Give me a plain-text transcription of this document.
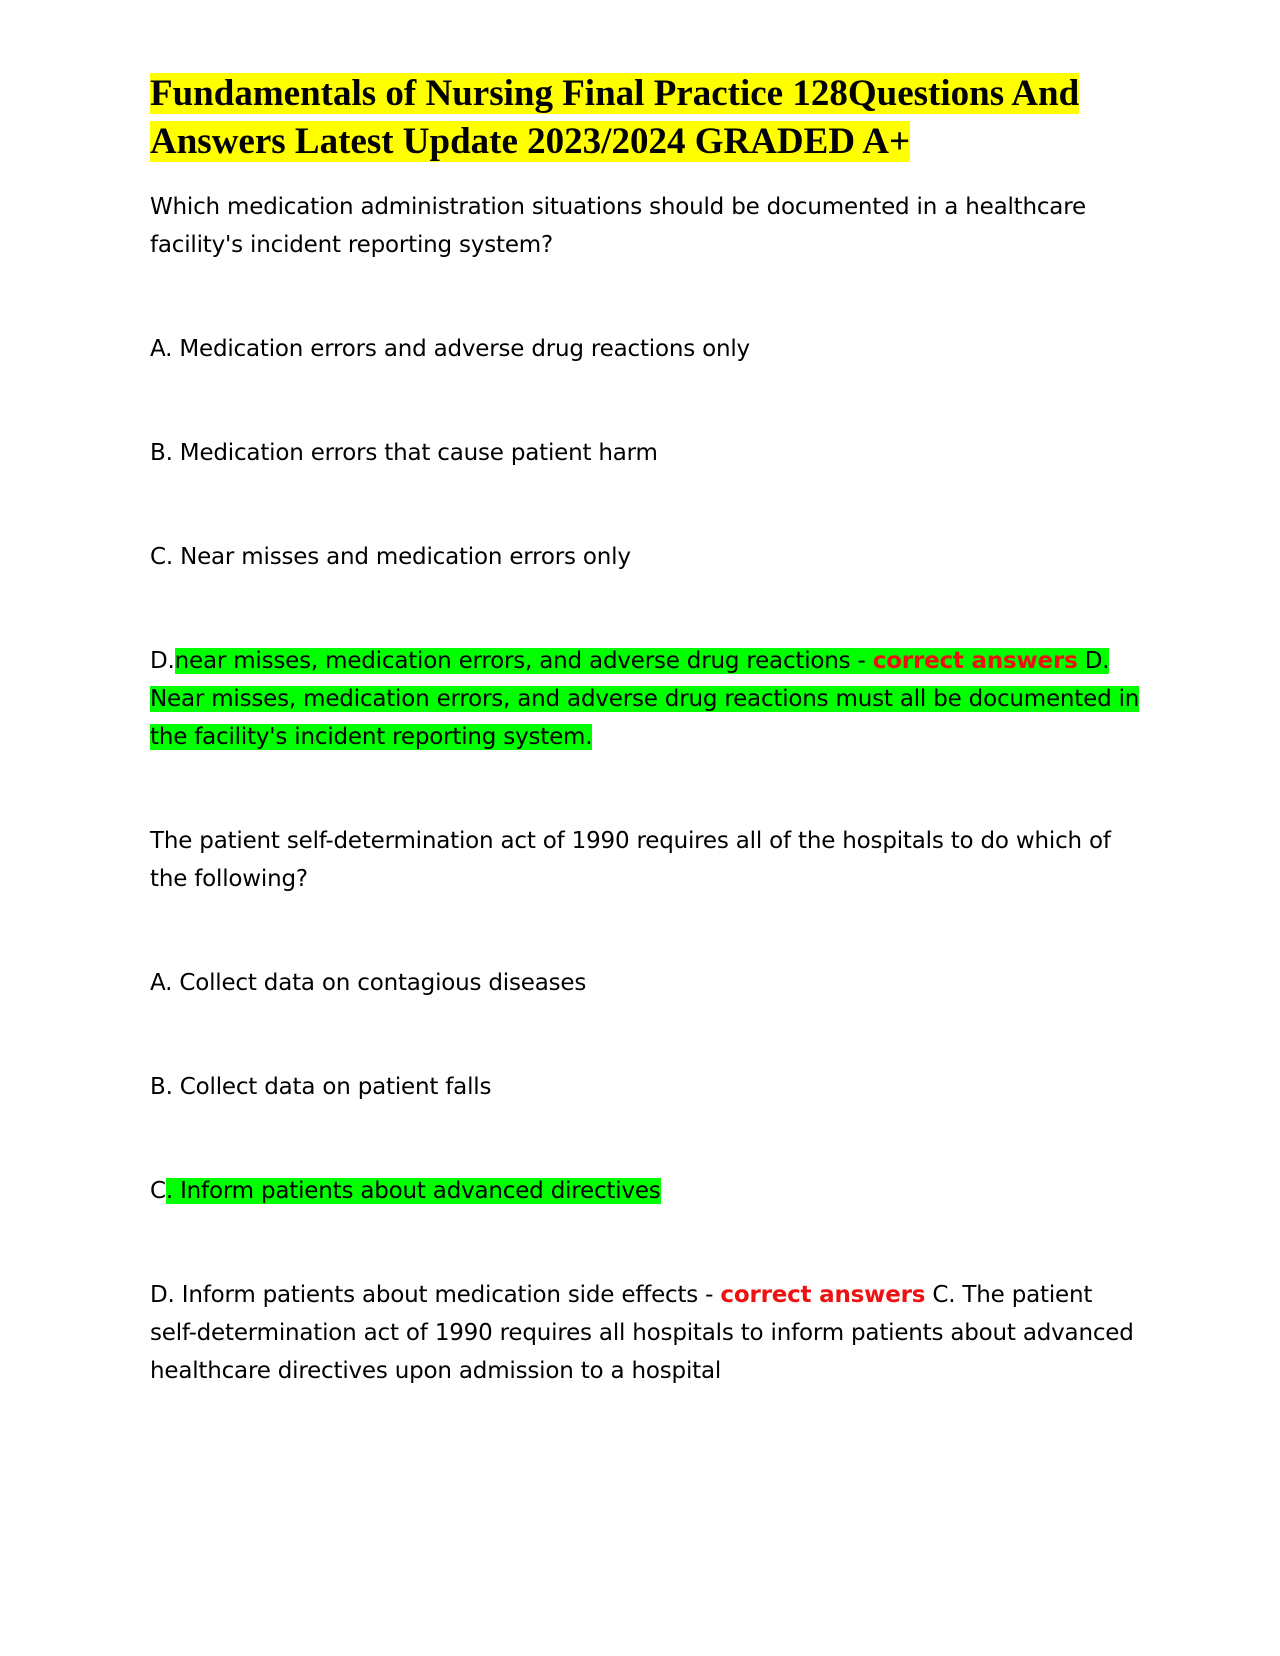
Fundamentals of Nursing Final Practice 128Questions And Answers Latest Update 2023/2024 GRADED A+

Which medication administration situations should be documented in a healthcare facility's incident reporting system?

A. Medication errors and adverse drug reactions only

B. Medication errors that cause patient harm

C. Near misses and medication errors only

D.near misses, medication errors, and adverse drug reactions - correct answers D. Near misses, medication errors, and adverse drug reactions must all be documented in the facility's incident reporting system.

The patient self-determination act of 1990 requires all of the hospitals to do which of the following?

A. Collect data on contagious diseases

B. Collect data on patient falls

C. Inform patients about advanced directives

D. Inform patients about medication side effects - correct answers C. The patient self-determination act of 1990 requires all hospitals to inform patients about advanced healthcare directives upon admission to a hospital
